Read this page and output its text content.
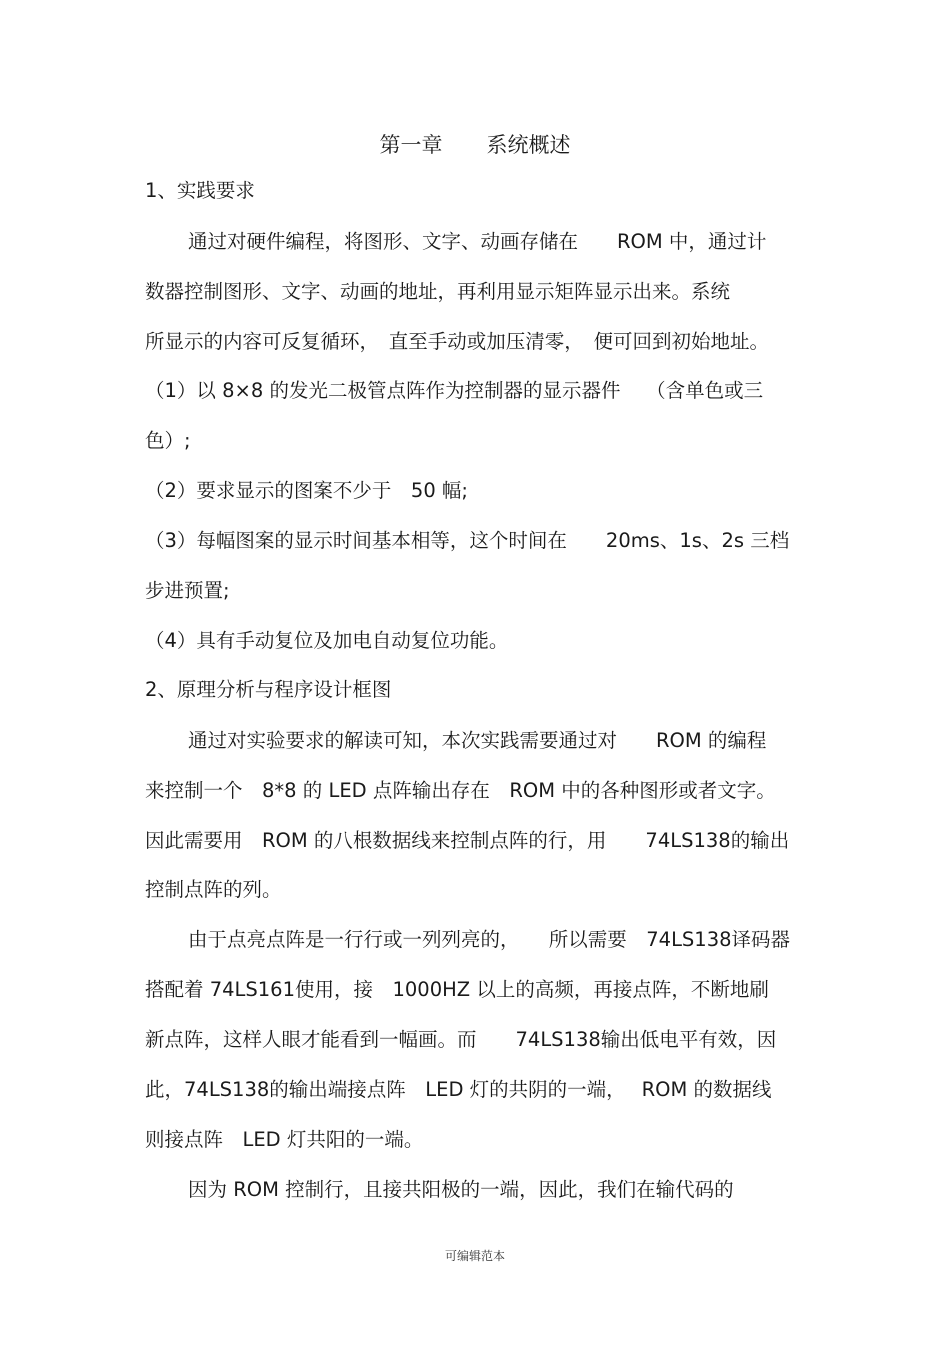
第一章 系统概述
1、实践要求
通过对硬件编程，将图形、文字、动画存储在　　ROM 中，通过计
数器控制图形、文字、动画的地址，再利用显示矩阵显示出来。系统
所显示的内容可反复循环，　直至手动或加压清零，　便可回到初始地址。
（1）以 8×8 的发光二极管点阵作为控制器的显示器件　 （含单色或三
色）;
（2）要求显示的图案不少于　50 幅;
（3）每幅图案的显示时间基本相等，这个时间在　　20ms、1s、2s 三档
步进预置;
（4）具有手动复位及加电自动复位功能。
2、原理分析与程序设计框图
通过对实验要求的解读可知，本次实践需要通过对　　ROM 的编程
来控制一个　8*8 的 LED 点阵输出存在　ROM 中的各种图形或者文字。
因此需要用　ROM 的八根数据线来控制点阵的行，用　　74LS138的输出
控制点阵的列。
由于点亮点阵是一行行或一列列亮的，　　所以需要　74LS138译码器
搭配着 74LS161使用，接　1000HZ 以上的高频，再接点阵，不断地刷
新点阵，这样人眼才能看到一幅画。而　　74LS138输出低电平有效，因
此，74LS138的输出端接点阵　LED 灯的共阴的一端，　 ROM 的数据线
则接点阵　LED 灯共阳的一端。
因为 ROM 控制行，且接共阳极的一端，因此，我们在输代码的
可编辑范本
